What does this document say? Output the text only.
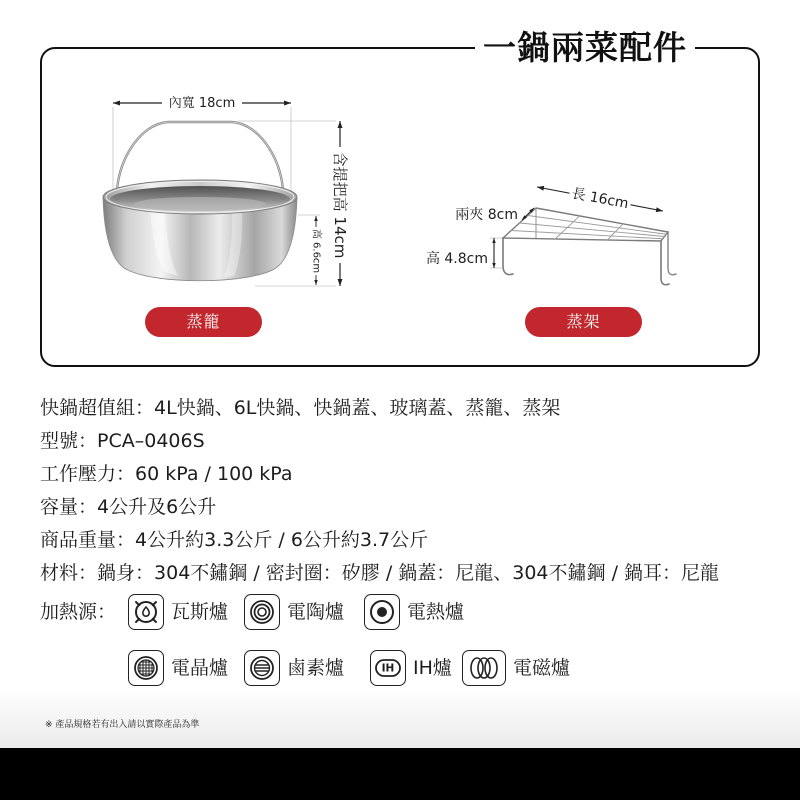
一鍋兩菜配件
內寬 18cm
含提把高 14cm
高 6.6cm
長 16cm
兩夾 8cm
高 4.8cm
蒸籠	蒸架
快鍋超值組：4L快鍋、6L快鍋、快鍋蓋、玻璃蓋、蒸籠、蒸架
型號：PCA–0406S
工作壓力：60 kPa / 100 kPa
容量：4公升及6公升
商品重量：4公升約3.3公斤 / 6公升約3.7公斤
材料：鍋身：304不鏽鋼 / 密封圈：矽膠 / 鍋蓋：尼龍、304不鏽鋼 / 鍋耳：尼龍
加熱源：	瓦斯爐	電陶爐	電熱爐
電晶爐	鹵素爐	IH IH爐	電磁爐
※ 產品規格若有出入請以實際產品為準
